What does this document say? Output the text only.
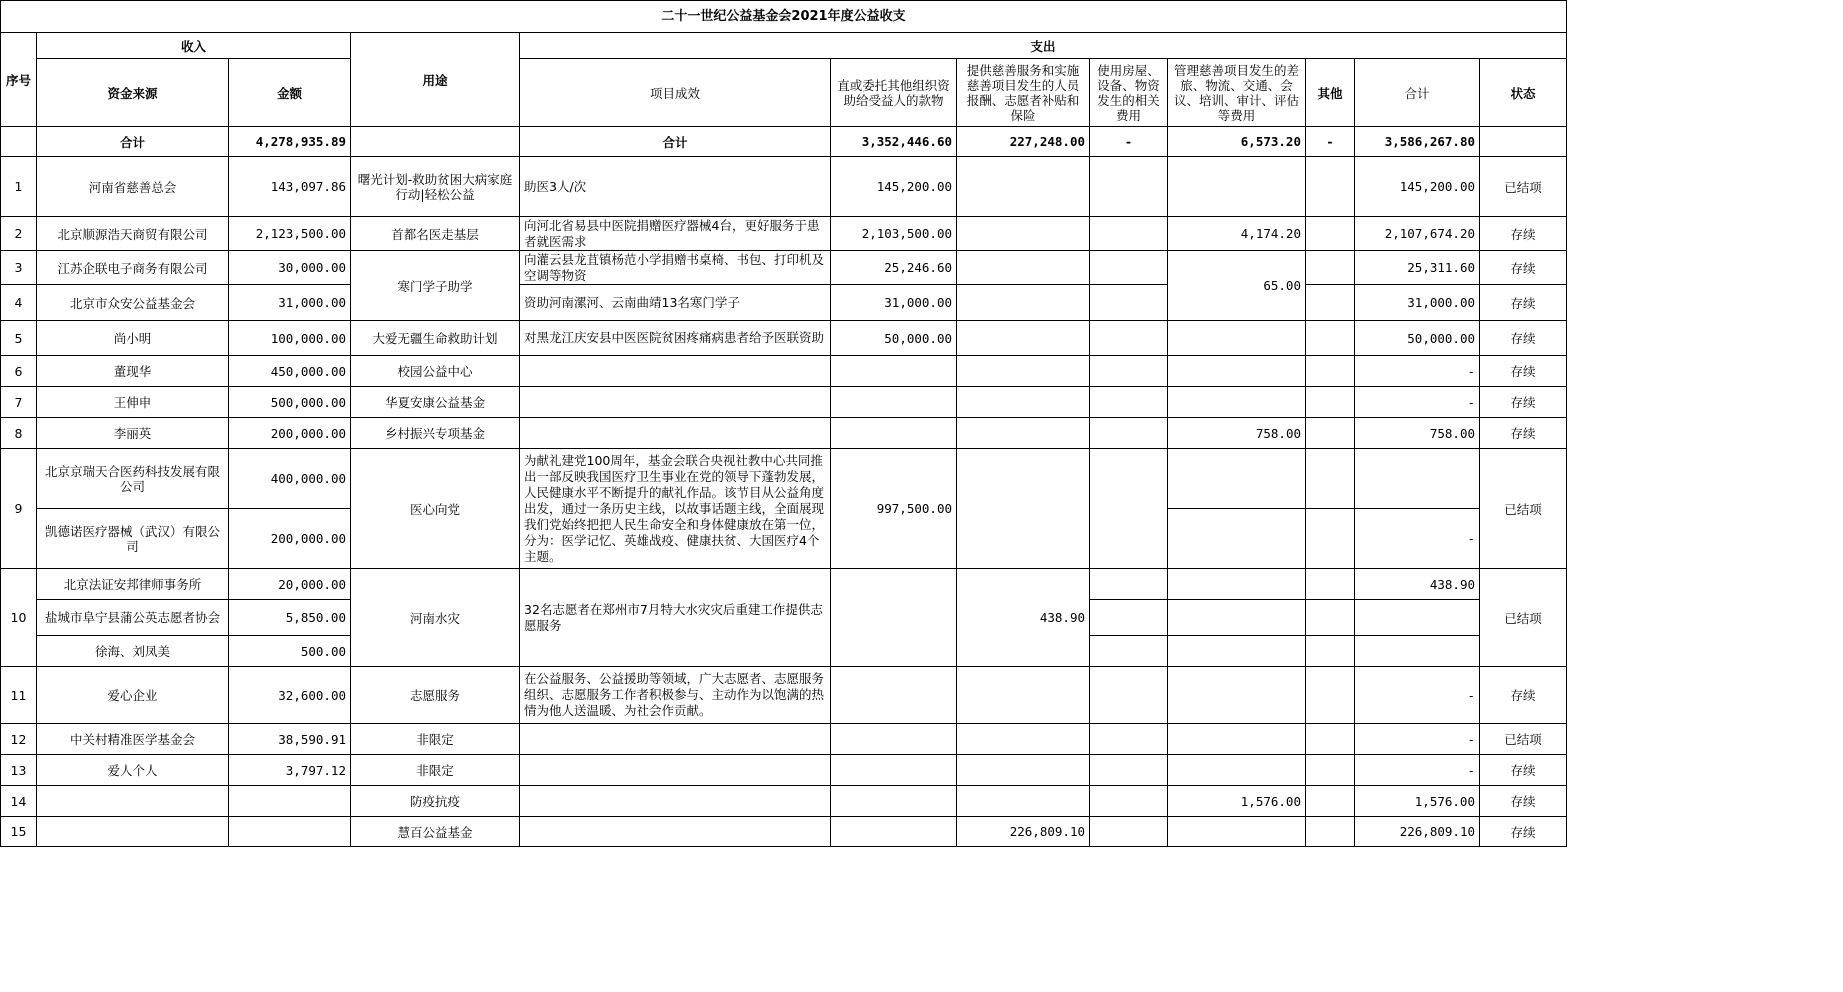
二十一世纪公益基金会2021年度公益收支
序号	收入		用途	支出							
	资金来源	金额		项目成效	直或委托其他组织资助给受益人的款物	提供慈善服务和实施慈善项目发生的人员报酬、志愿者补贴和保险	使用房屋、设备、物资发生的相关费用	管理慈善项目发生的差旅、物流、交通、会议、培训、审计、评估等费用	其他	合计	状态
	合计	4,278,935.89		合计	3,352,446.60	227,248.00	-	6,573.20	-	3,586,267.80	
1	河南省慈善总会	143,097.86	曙光计划-救助贫困大病家庭行动|轻松公益	助医3人/次	145,200.00					145,200.00	已结项
2	北京顺源浩天商贸有限公司	2,123,500.00	首都名医走基层	向河北省易县中医院捐赠医疗器械4台，更好服务于患者就医需求	2,103,500.00			4,174.20		2,107,674.20	存续
3	江苏企联电子商务有限公司	30,000.00	寒门学子助学	向灌云县龙苴镇杨范小学捐赠书桌椅、书包、打印机及空调等物资	25,246.60			65.00		25,311.60	存续
4	北京市众安公益基金会	31,000.00		资助河南漯河、云南曲靖13名寒门学子	31,000.00					31,000.00	存续
5	尚小明	100,000.00	大爱无疆生命救助计划	对黑龙江庆安县中医医院贫困疼痛病患者给予医联资助	50,000.00					50,000.00	存续
6	董现华	450,000.00	校园公益中心							-	存续
7	王伸申	500,000.00	华夏安康公益基金							-	存续
8	李丽英	200,000.00	乡村振兴专项基金					758.00		758.00	存续
9	北京京瑞天合医药科技发展有限公司	400,000.00	医心向党	为献礼建党100周年，基金会联合央视社教中心共同推出一部反映我国医疗卫生事业在党的领导下蓬勃发展，人民健康水平不断提升的献礼作品。该节目从公益角度出发，通过一条历史主线，以故事话题主线，全面展现我们党始终把把人民生命安全和身体健康放在第一位，分为：医学记忆、英雄战疫、健康扶贫、大国医疗4个主题。	997,500.00						已结项
	凯德诺医疗器械（武汉）有限公司	200,000.00								-	
10	北京法证安邦律师事务所	20,000.00	河南水灾	32名志愿者在郑州市7月特大水灾灾后重建工作提供志愿服务		438.90				438.90	已结项
	盐城市阜宁县蒲公英志愿者协会	5,850.00									
	徐海、刘凤美	500.00									
11	爱心企业	32,600.00	志愿服务	在公益服务、公益援助等领域，广大志愿者、志愿服务组织、志愿服务工作者积极参与、主动作为以饱满的热情为他人送温暖、为社会作贡献。						-	存续
12	中关村精准医学基金会	38,590.91	非限定							-	已结项
13	爱人个人	3,797.12	非限定							-	存续
14			防疫抗疫					1,576.00		1,576.00	存续
15			慧百公益基金			226,809.10				226,809.10	存续
